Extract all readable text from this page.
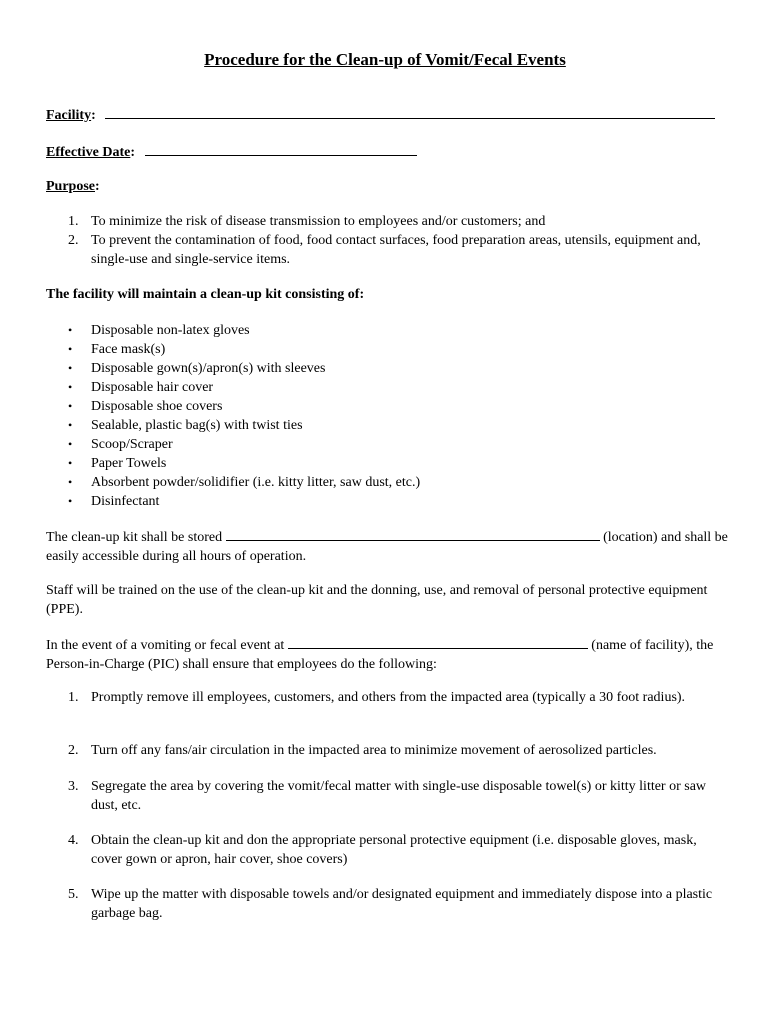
Procedure for the Clean-up of Vomit/Fecal Events
Facility:
Effective Date:
Purpose:
1. To minimize the risk of disease transmission to employees and/or customers; and
2. To prevent the contamination of food, food contact surfaces, food preparation areas, utensils, equipment and, single-use and single-service items.
The facility will maintain a clean-up kit consisting of:
• Disposable non-latex gloves
• Face mask(s)
• Disposable gown(s)/apron(s) with sleeves
• Disposable hair cover
• Disposable shoe covers
• Sealable, plastic bag(s) with twist ties
• Scoop/Scraper
• Paper Towels
• Absorbent powder/solidifier (i.e. kitty litter, saw dust, etc.)
• Disinfectant
The clean-up kit shall be stored	(location) and shall be easily accessible during all hours of operation.
Staff will be trained on the use of the clean-up kit and the donning, use, and removal of personal protective equipment (PPE).
In the event of a vomiting or fecal event at	(name of facility), the Person-in-Charge (PIC) shall ensure that employees do the following:
1. Promptly remove ill employees, customers, and others from the impacted area (typically a 30 foot radius).
2. Turn off any fans/air circulation in the impacted area to minimize movement of aerosolized particles.
3. Segregate the area by covering the vomit/fecal matter with single-use disposable towel(s) or kitty litter or saw dust, etc.
4. Obtain the clean-up kit and don the appropriate personal protective equipment (i.e. disposable gloves, mask, cover gown or apron, hair cover, shoe covers)
5. Wipe up the matter with disposable towels and/or designated equipment and immediately dispose into a plastic garbage bag.
